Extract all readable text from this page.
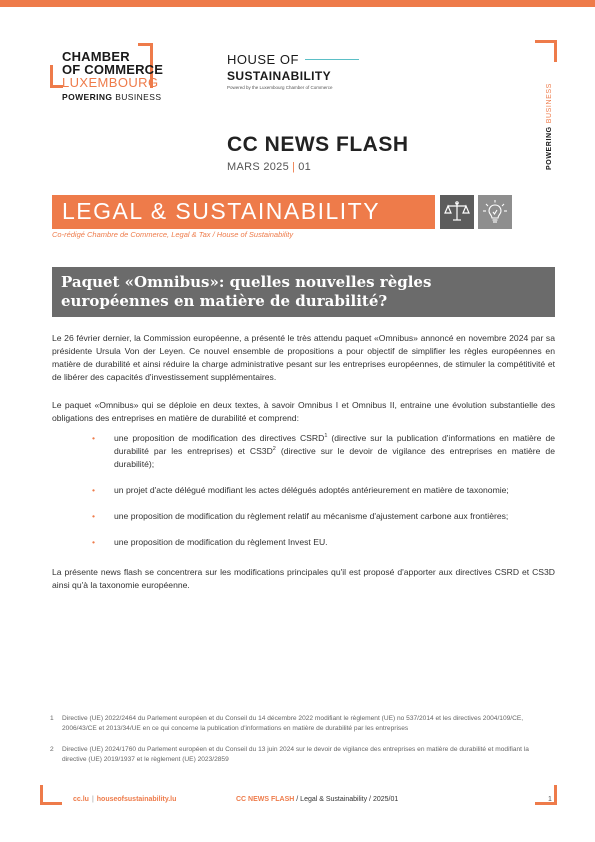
CHAMBER
OF COMMERCE
LUXEMBOURG
POWERING BUSINESS
HOUSE OF
SUSTAINABILITY
Powered by the Luxembourg Chamber of Commerce
POWERINGBUSINESS
CC NEWS FLASH
MARS 2025 | 01
LEGAL & SUSTAINABILITY
Co-rédigé Chambre de Commerce, Legal & Tax / House of Sustainability
Paquet «Omnibus»: quelles nouvelles règles européennes en matière de durabilité?
Le 26 février dernier, la Commission européenne, a présenté le très attendu paquet «Omnibus» annoncé en novembre 2024 par sa présidente Ursula Von der Leyen. Ce nouvel ensemble de propositions a pour objectif de simplifier les règles européennes en matière de durabilité et ainsi réduire la charge administrative pesant sur les entreprises européennes, de stimuler la compétitivité et de libérer des capacités d'investissement supplémentaires.
Le paquet «Omnibus» qui se déploie en deux textes, à savoir Omnibus I et Omnibus II, entraine une évolution substantielle des obligations des entreprises en matière de durabilité et comprend:
• une proposition de modification des directives CSRD$^1$ (directive sur la publication d'informations en matière de durabilité par les entreprises) et $CS3D^2$ (directive sur le devoir de vigilance des entreprises en matière de durabilité);
• un projet d'acte délégué modifiant les actes délégués adoptés antérieurement en matière de taxonomie;
• une proposition de modification du règlement relatif au mécanisme d'ajustement carbone aux frontières;
• une proposition de modification du règlement Invest EU.
La présente news flash se concentrera sur les modifications principales qu'il est proposé d'apporter aux directives CSRD et CS3D ainsi qu'à la taxonomie européenne.
1	Directive (UE) 2022/2464 du Parlement européen et du Conseil du 14 décembre 2022 modifiant le règlement (UE) no 537/2014 et les directives 2004/109/CE, 2006/43/CE et 2013/34/UE en ce qui concerne la publication d'informations en matière de durabilité par les entreprises
2	Directive (UE) 2024/1760 du Parlement européen et du Conseil du 13 juin 2024 sur le devoir de vigilance des entreprises en matière de durabilité et modifiant la directive (UE) 2019/1937 et le règlement (UE) 2023/2859
cc.lu | houseofsustainability.lu	CC NEWS FLASH / Legal & Sustainability / 2025/01	1
